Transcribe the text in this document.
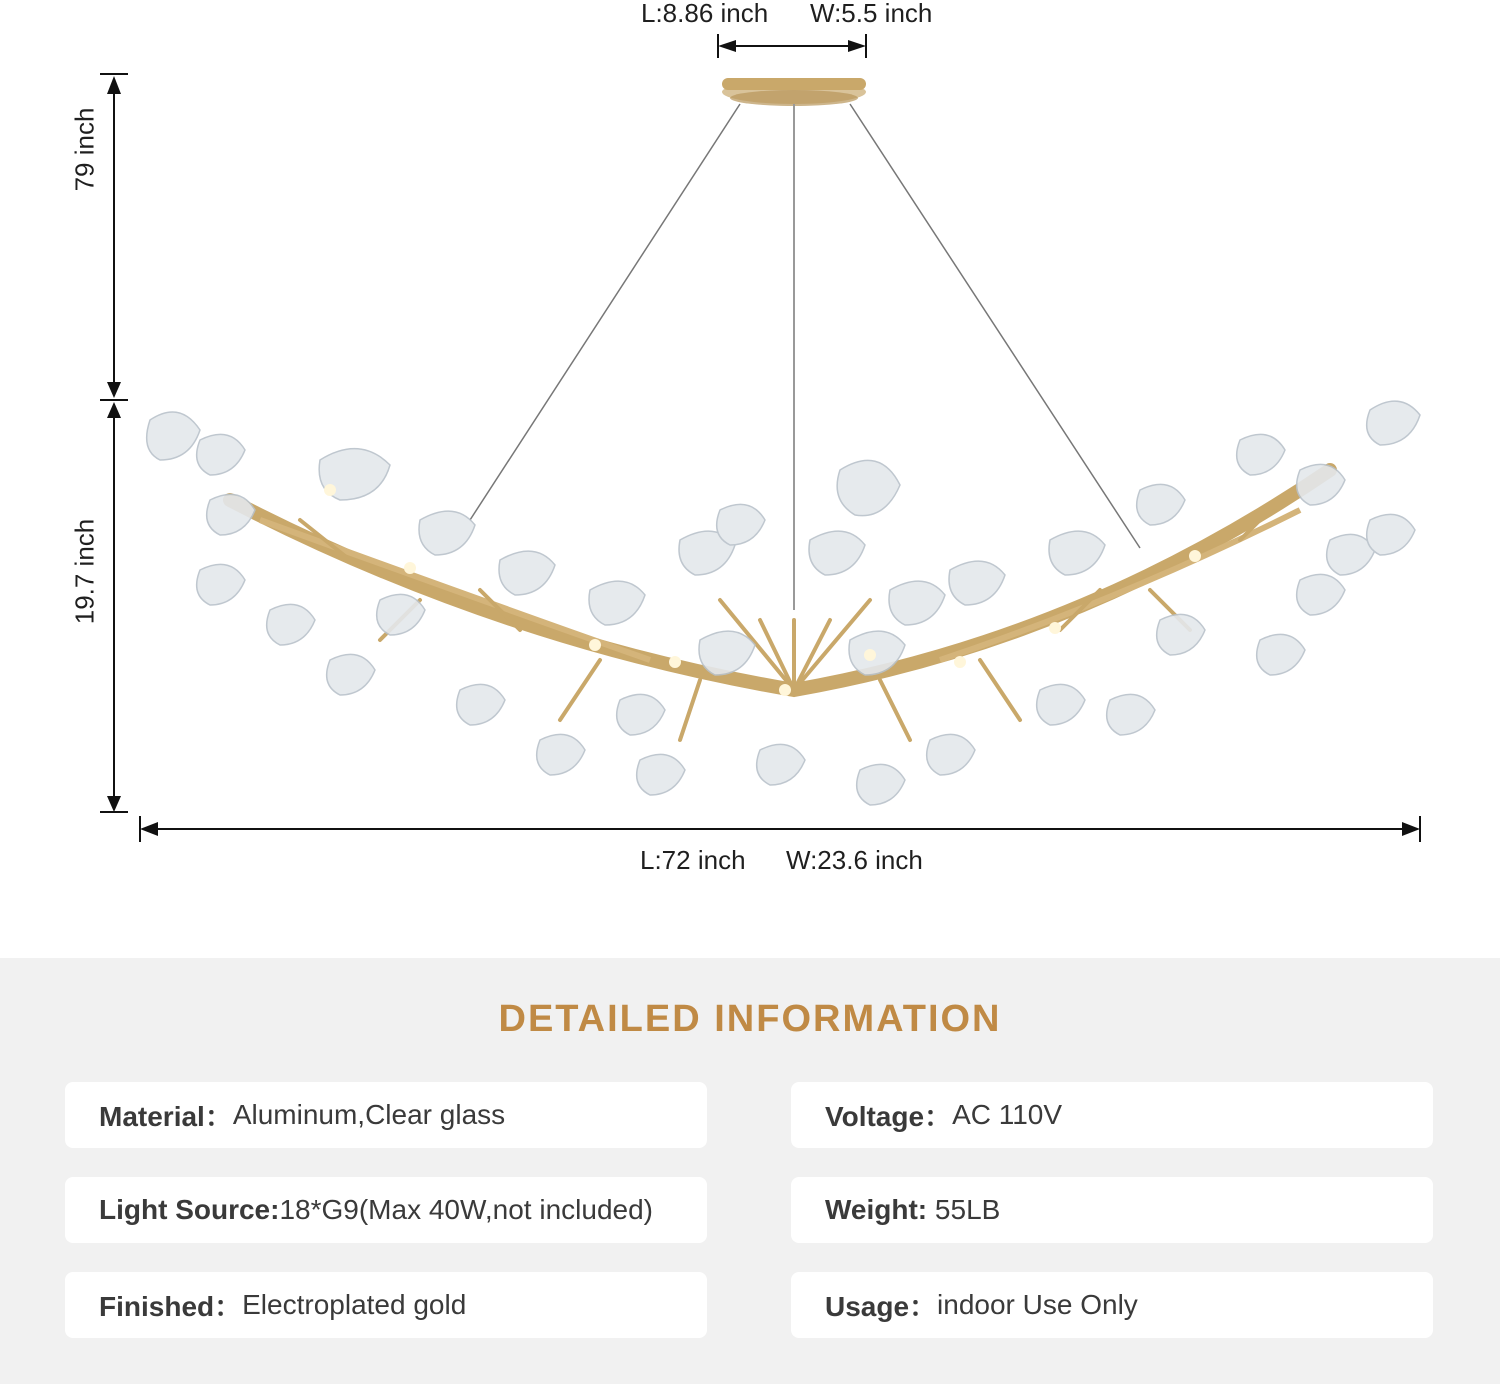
L:8.86 inch W:5.5 inch
79 inch
19.7 inch
L:72 inch W:23.6 inch
DETAILED INFORMATION
Material： Aluminum,Clear glass	Voltage： AC 110V
Light Source: 18*G9(Max 40W,not included)	Weight: 55LB
Finished： Electroplated gold	Usage： indoor Use Only
